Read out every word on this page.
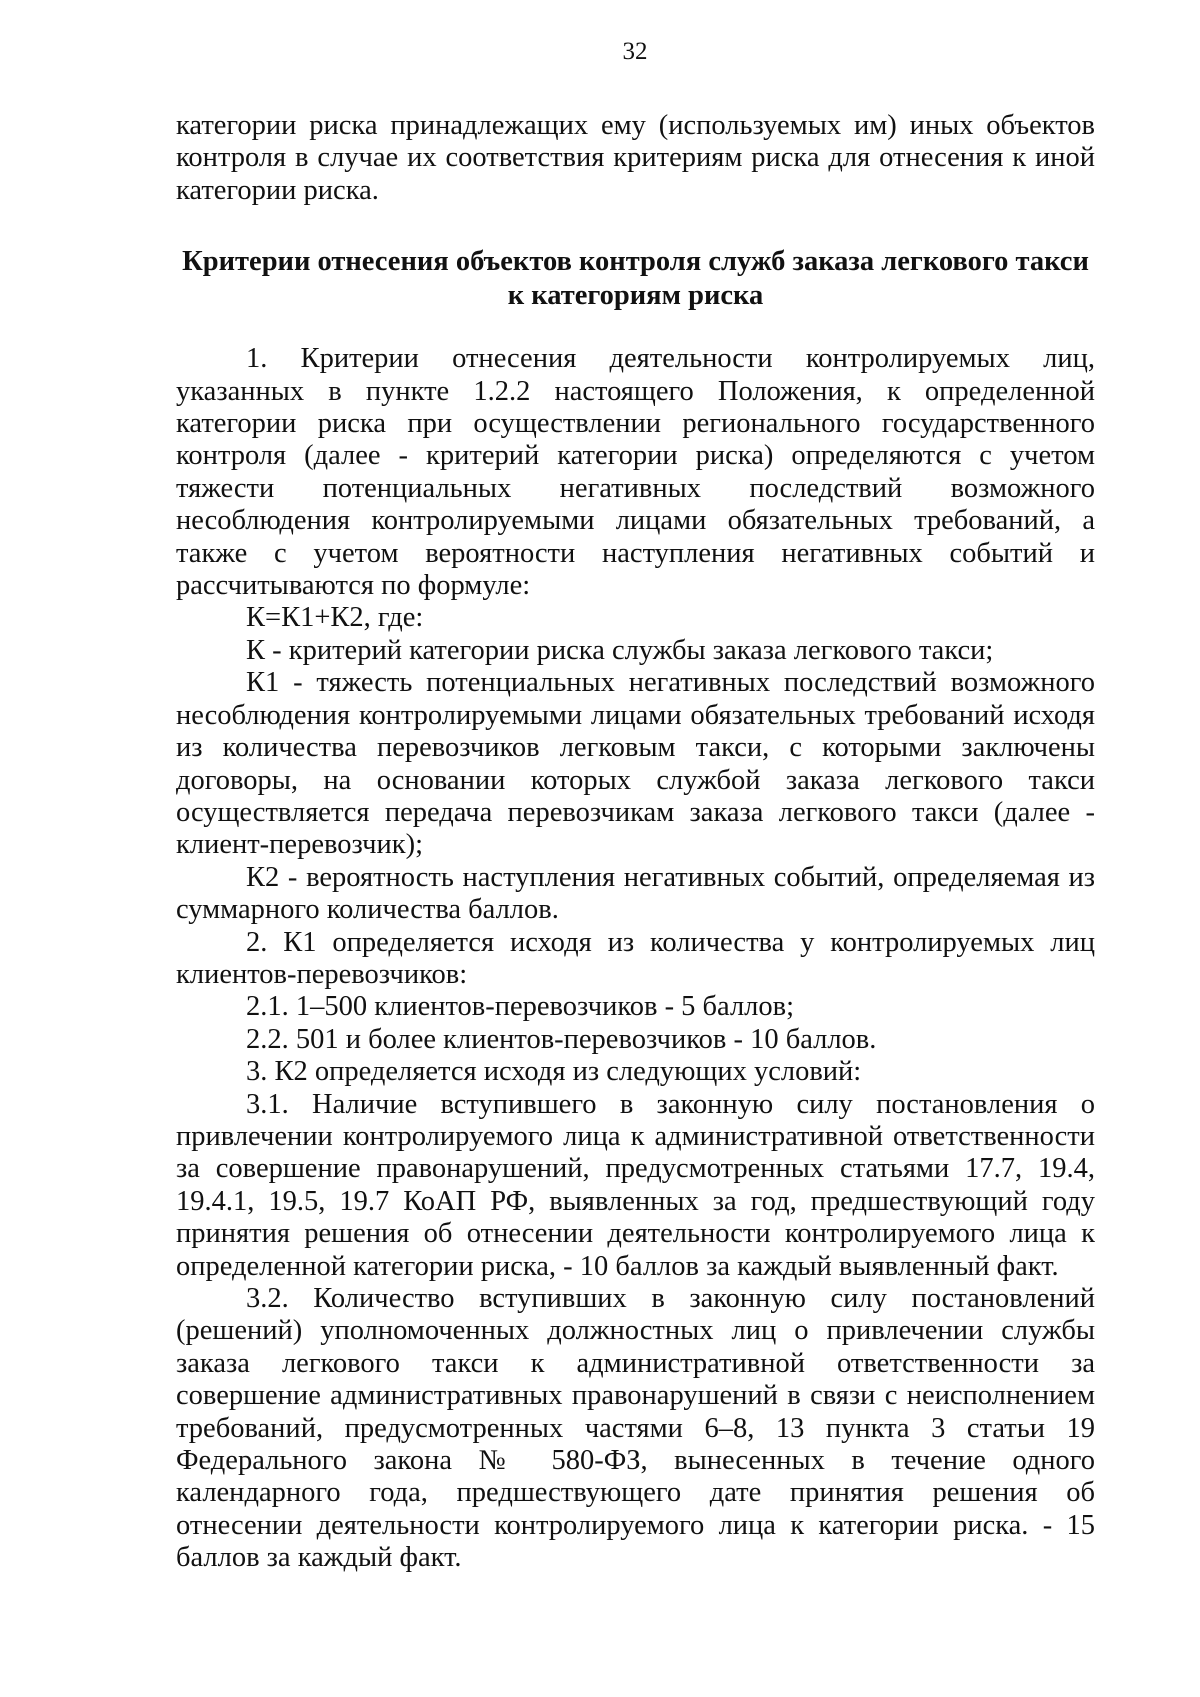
32

категории риска принадлежащих ему (используемых им) иных объектов контроля в случае их соответствия критериям риска для отнесения к иной категории риска.

Критерии отнесения объектов контроля служб заказа легкового такси
к категориям риска

1. Критерии отнесения деятельности контролируемых лиц, указанных в пункте 1.2.2 настоящего Положения, к определенной категории риска при осуществлении регионального государственного контроля (далее - критерий категории риска) определяются с учетом тяжести потенциальных негативных последствий возможного несоблюдения контролируемыми лицами обязательных требований, а также с учетом вероятности наступления негативных событий и рассчитываются по формуле:

К=К1+К2, где:

К - критерий категории риска службы заказа легкового такси;

К1 - тяжесть потенциальных негативных последствий возможного несоблюдения контролируемыми лицами обязательных требований исходя из количества перевозчиков легковым такси, с которыми заключены договоры, на основании которых службой заказа легкового такси осуществляется передача перевозчикам заказа легкового такси (далее - клиент-перевозчик);

К2 - вероятность наступления негативных событий, определяемая из суммарного количества баллов.

2. К1 определяется исходя из количества у контролируемых лиц клиентов-перевозчиков:

2.1. 1–500 клиентов-перевозчиков - 5 баллов;

2.2. 501 и более клиентов-перевозчиков - 10 баллов.

3. К2 определяется исходя из следующих условий:

3.1. Наличие вступившего в законную силу постановления о привлечении контролируемого лица к административной ответственности за совершение правонарушений, предусмотренных статьями 17.7, 19.4, 19.4.1, 19.5, 19.7 КоАП РФ, выявленных за год, предшествующий году принятия решения об отнесении деятельности контролируемого лица к определенной категории риска, - 10 баллов за каждый выявленный факт.

3.2. Количество вступивших в законную силу постановлений (решений) уполномоченных должностных лиц о привлечении службы заказа легкового такси к административной ответственности за совершение административных правонарушений в связи с неисполнением требований, предусмотренных частями 6–8, 13 пункта 3 статьи 19 Федерального закона № 580-ФЗ, вынесенных в течение одного календарного года, предшествующего дате принятия решения об отнесении деятельности контролируемого лица к категории риска. - 15 баллов за каждый факт.
